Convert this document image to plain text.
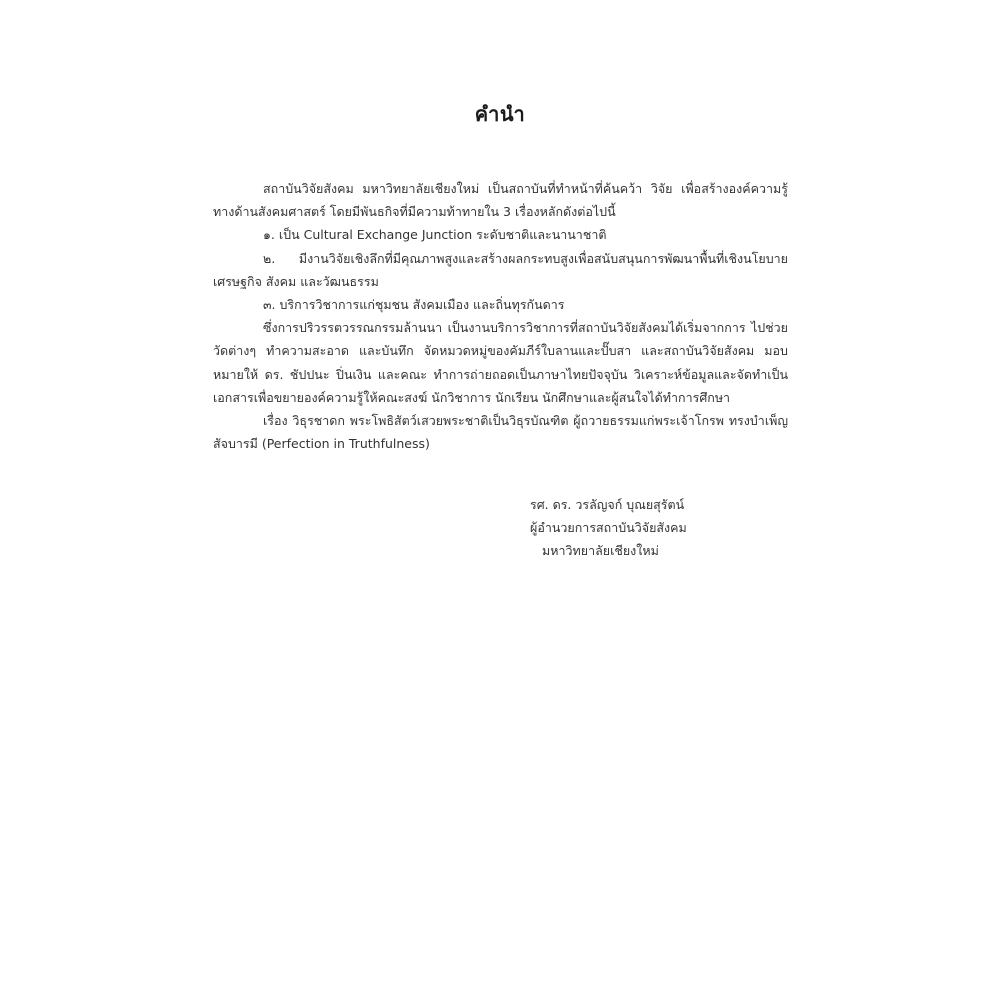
คำนำ
สถาบันวิจัยสังคม มหาวิทยาลัยเชียงใหม่ เป็นสถาบันที่ทำหน้าที่ค้นคว้า วิจัย เพื่อสร้างองค์ความรู้
ทางด้านสังคมศาสตร์ โดยมีพันธกิจที่มีความท้าทายใน 3 เรื่องหลักดังต่อไปนี้
๑. เป็น Cultural Exchange Junction ระดับชาติและนานาชาติ
๒. มีงานวิจัยเชิงลึกที่มีคุณภาพสูงและสร้างผลกระทบสูงเพื่อสนับสนุนการพัฒนาพื้นที่เชิงนโยบาย
เศรษฐกิจ สังคม และวัฒนธรรม
๓. บริการวิชาการแก่ชุมชน สังคมเมือง และถิ่นทุรกันดาร
ซึ่งการปริวรรตวรรณกรรมล้านนา เป็นงานบริการวิชาการที่สถาบันวิจัยสังคมได้เริ่มจากการ ไปช่วย
วัดต่างๆ ทำความสะอาด และบันทึก จัดหมวดหมู่ของคัมภีร์ใบลานและปั๊บสา และสถาบันวิจัยสังคม มอบ
หมายให้ ดร. ชัปปนะ ปิ่นเงิน และคณะ ทำการถ่ายถอดเป็นภาษาไทยปัจจุบัน วิเคราะห์ข้อมูลและจัดทำเป็น
เอกสารเพื่อขยายองค์ความรู้ให้คณะสงฆ์ นักวิชาการ นักเรียน นักศึกษาและผู้สนใจได้ทำการศึกษา
เรื่อง วิธุรชาดก พระโพธิสัตว์เสวยพระชาติเป็นวิธุรบัณฑิต ผู้ถวายธรรมแก่พระเจ้าโกรพ ทรงบำเพ็ญ
สัจบารมี (Perfection in Truthfulness)
รศ. ดร. วรลัญจก์ บุณยสุรัตน์
ผู้อำนวยการสถาบันวิจัยสังคม
มหาวิทยาลัยเชียงใหม่
